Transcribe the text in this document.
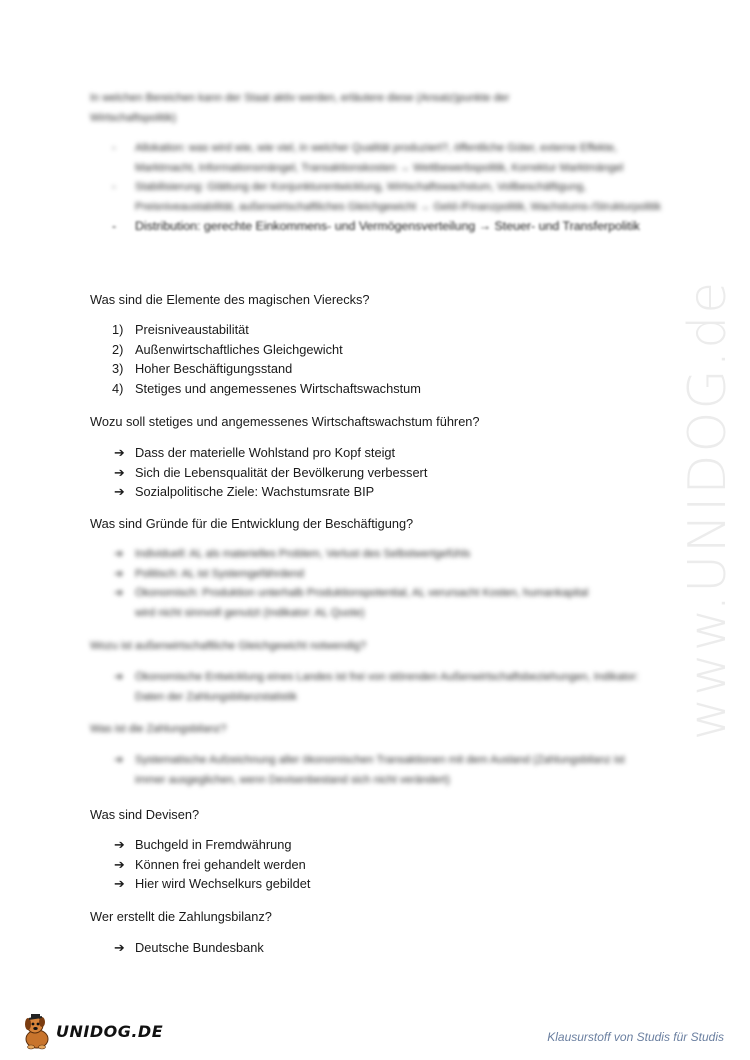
www.UNIDOG.de
In welchen Bereichen kann der Staat aktiv werden, erläutere diese (Ansatz)punkte der Wirtschaftspolitik)
- Allokation: was wird wie, wie viel, in welcher Qualität produziert?, öffentliche Güter, externe Effekte, Marktmacht, Informationsmängel, Transaktionskosten → Wettbewerbspolitik, Korrektur Marktmängel
- Stabilisierung: Glättung der Konjunkturentwicklung, Wirtschaftswachstum, Vollbeschäftigung, Preisniveaustabilität, außenwirtschaftliches Gleichgewicht → Geld-/Finanzpolitik, Wachstums-/Strukturpolitik
- Distribution: gerechte Einkommens- und Vermögensverteilung → Steuer- und Transferpolitik
Was sind die Elemente des magischen Vierecks?
1) Preisniveaustabilität
2) Außenwirtschaftliches Gleichgewicht
3) Hoher Beschäftigungsstand
4) Stetiges und angemessenes Wirtschaftswachstum
Wozu soll stetiges und angemessenes Wirtschaftswachstum führen?
➔ Dass der materielle Wohlstand pro Kopf steigt
➔ Sich die Lebensqualität der Bevölkerung verbessert
➔ Sozialpolitische Ziele: Wachstumsrate BIP
Was sind Gründe für die Entwicklung der Beschäftigung?
➔ Individuell: AL als materielles Problem, Verlust des Selbstwertgefühls
➔ Politisch: AL ist Systemgefährdend
➔ Ökonomisch: Produktion unterhalb Produktionspotential, AL verursacht Kosten, humankapital wird nicht sinnvoll genutzt (Indikator: AL Quote)
Wozu ist außenwirtschaftliche Gleichgewicht notwendig?
➔ Ökonomische Entwicklung eines Landes ist frei von störenden Außenwirtschaftsbeziehungen, Indikator: Daten der Zahlungsbilanzstatistik
Was ist die Zahlungsbilanz?
➔ Systematische Aufzeichnung aller ökonomischen Transaktionen mit dem Ausland (Zahlungsbilanz ist immer ausgeglichen, wenn Devisenbestand sich nicht verändert)
Was sind Devisen?
➔ Buchgeld in Fremdwährung
➔ Können frei gehandelt werden
➔ Hier wird Wechselkurs gebildet
Wer erstellt die Zahlungsbilanz?
➔ Deutsche Bundesbank
UNIDOG.DE	Klausurstoff von Studis für Studis
